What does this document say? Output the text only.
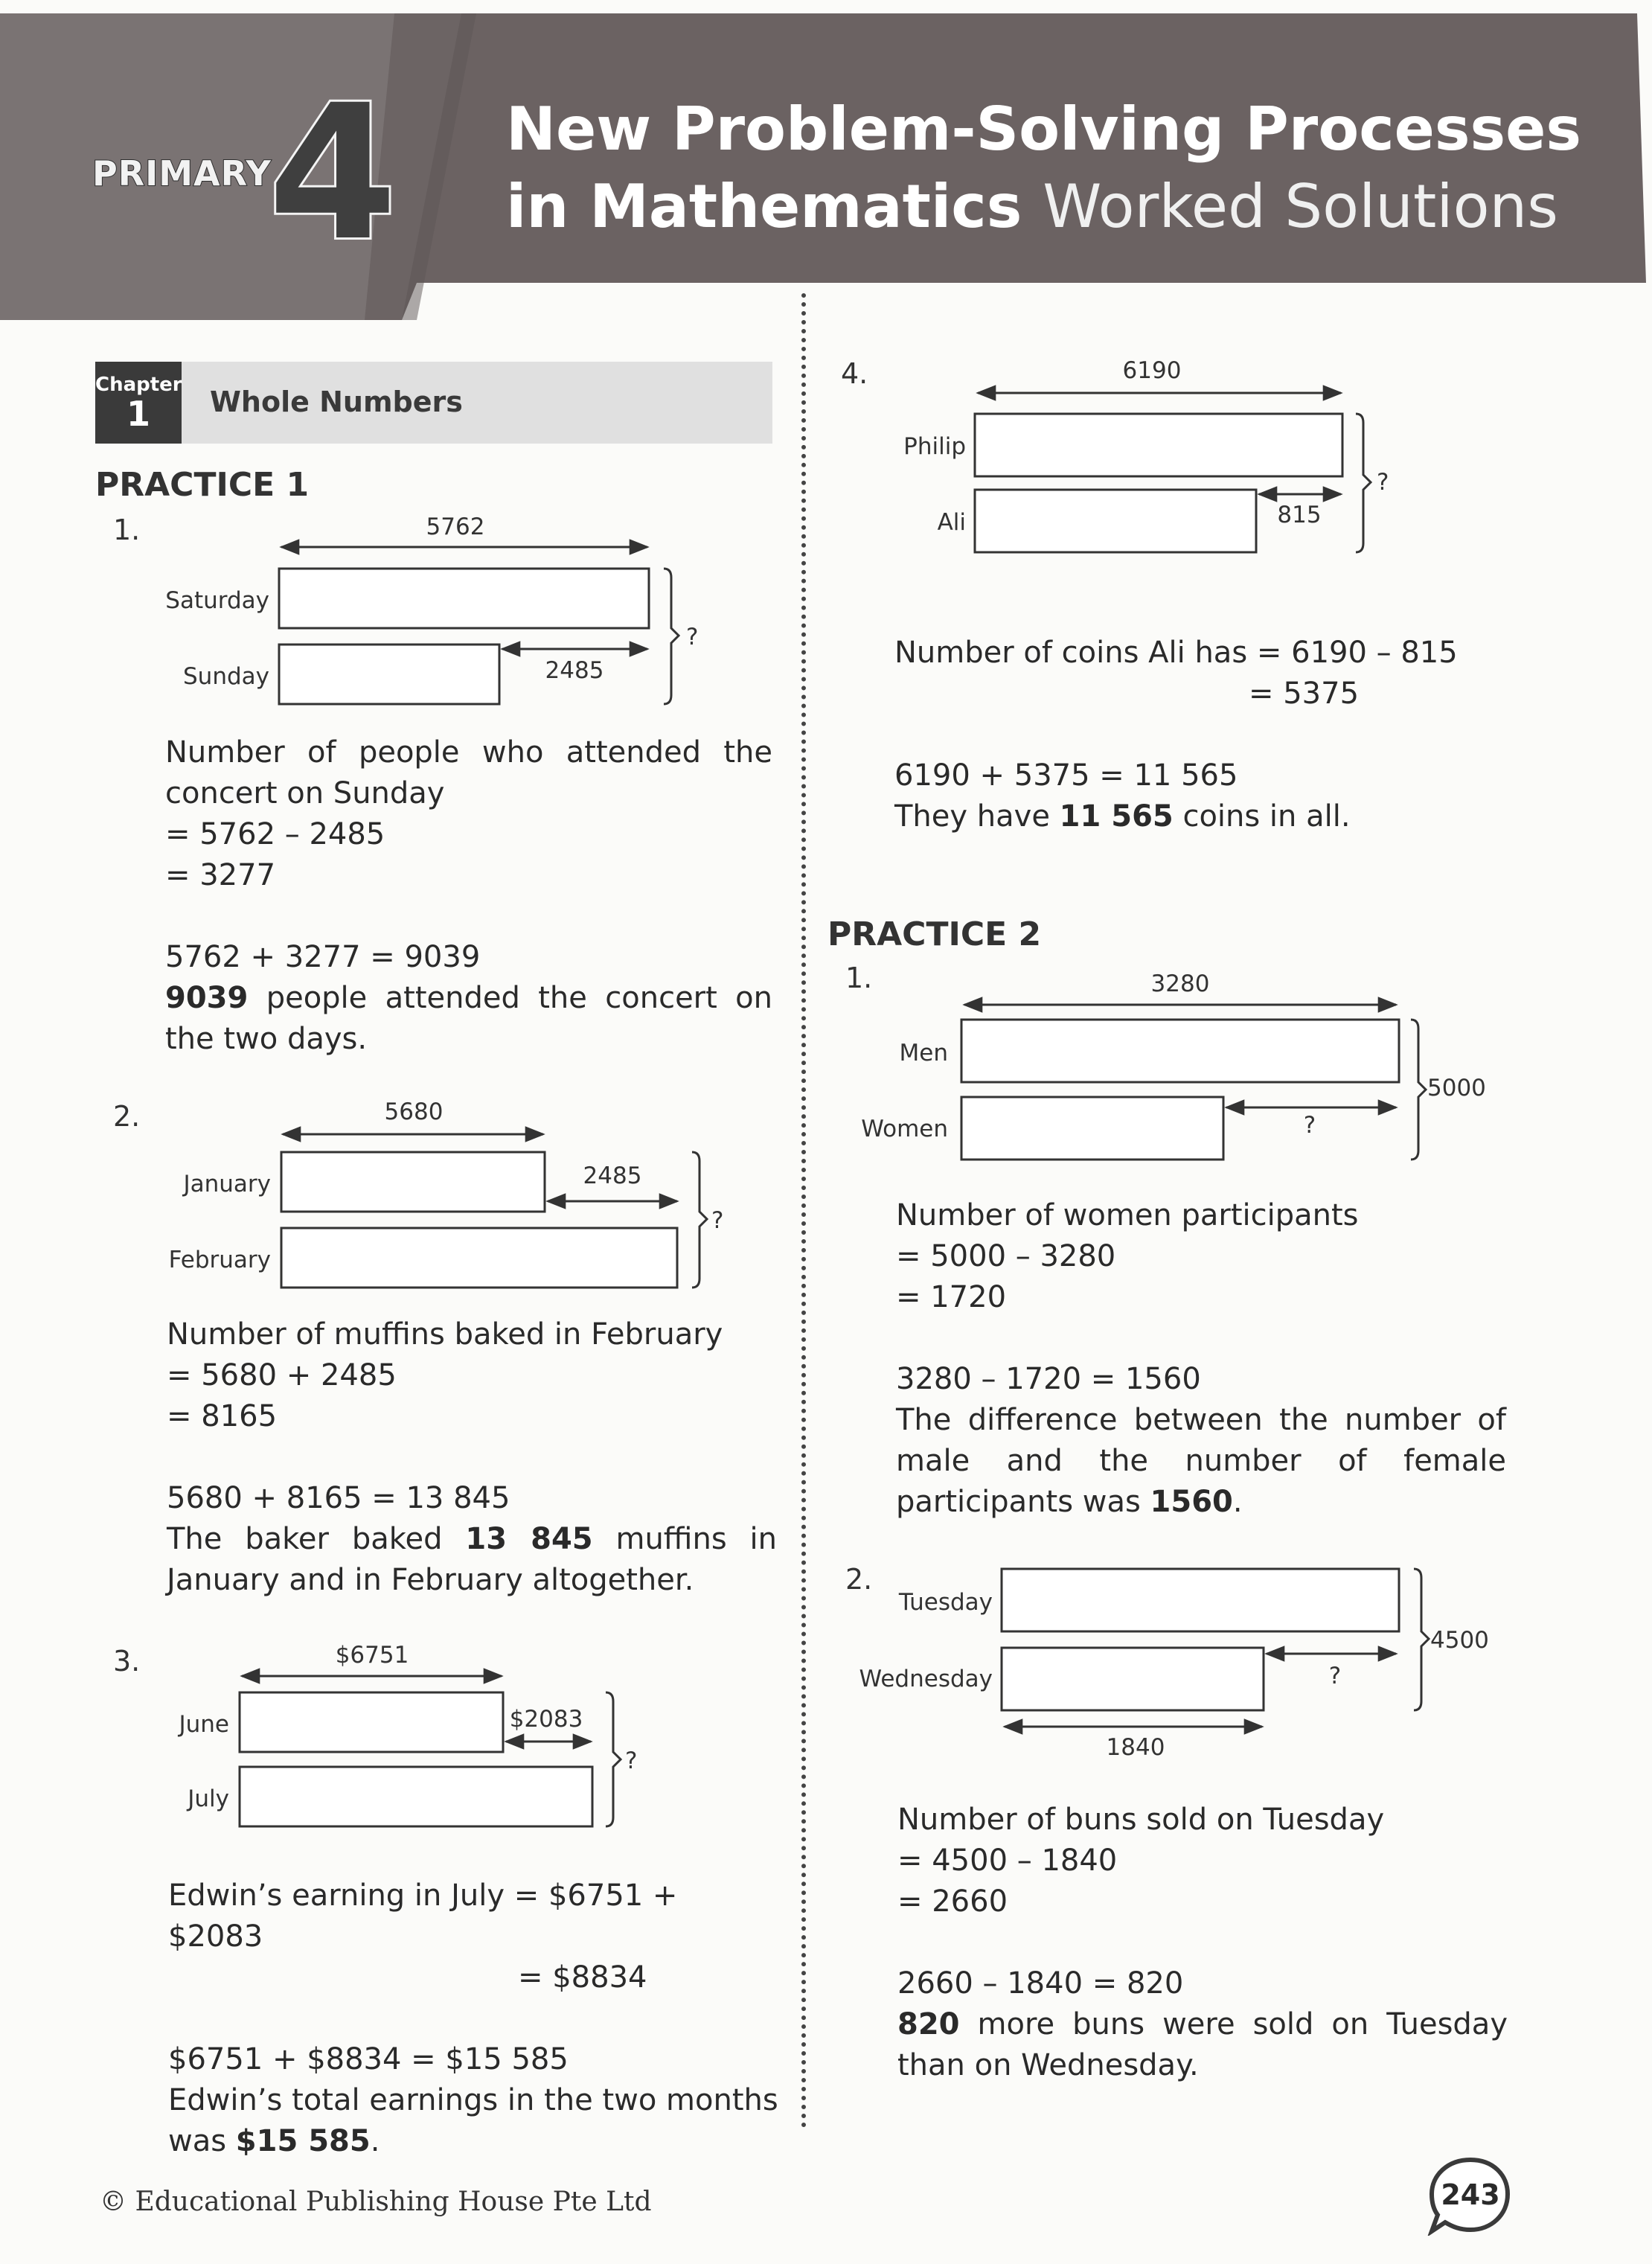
PRIMARY
4 New Problem-Solving Processes
in Mathematics Worked Solutions
Chapter
1	Whole Numbers
PRACTICE 1
1.	5762
Saturday
Sunday	2485
?

Number of people who attended the concert on Sunday

= 5762 – 2485

= 3277

5762 + 3277 = 9039

9039 people attended the concert on the two days.

2.	5680
January	2485
February
?

Number of muffins baked in February

= 5680 + 2485

= 8165

5680 + 8165 = 13 845

The baker baked 13 845 muffins in January and in February altogether.

3.	$6751
June	$2083
July
?

Edwin’s earning in July = $6751 + $2083

= $8834

$6751 + $8834 = $15 585

Edwin’s total earnings in the two months was $15 585.

4.	6190
Philip
Ali	815
?

Number of coins Ali has = 6190 – 815

= 5375

6190 + 5375 = 11 565

They have 11 565 coins in all.

PRACTICE 2
1.	3280
Men
Women	?
5000

Number of women participants

= 5000 – 3280

= 1720

3280 – 1720 = 1560

The difference between the number of male and the number of female participants was 1560.

2.
Tuesday
Wednesday	?
4500
1840

Number of buns sold on Tuesday

= 4500 – 1840

= 2660

2660 – 1840 = 820

820 more buns were sold on Tuesday than on Wednesday.

© Educational Publishing House Pte Ltd	243
